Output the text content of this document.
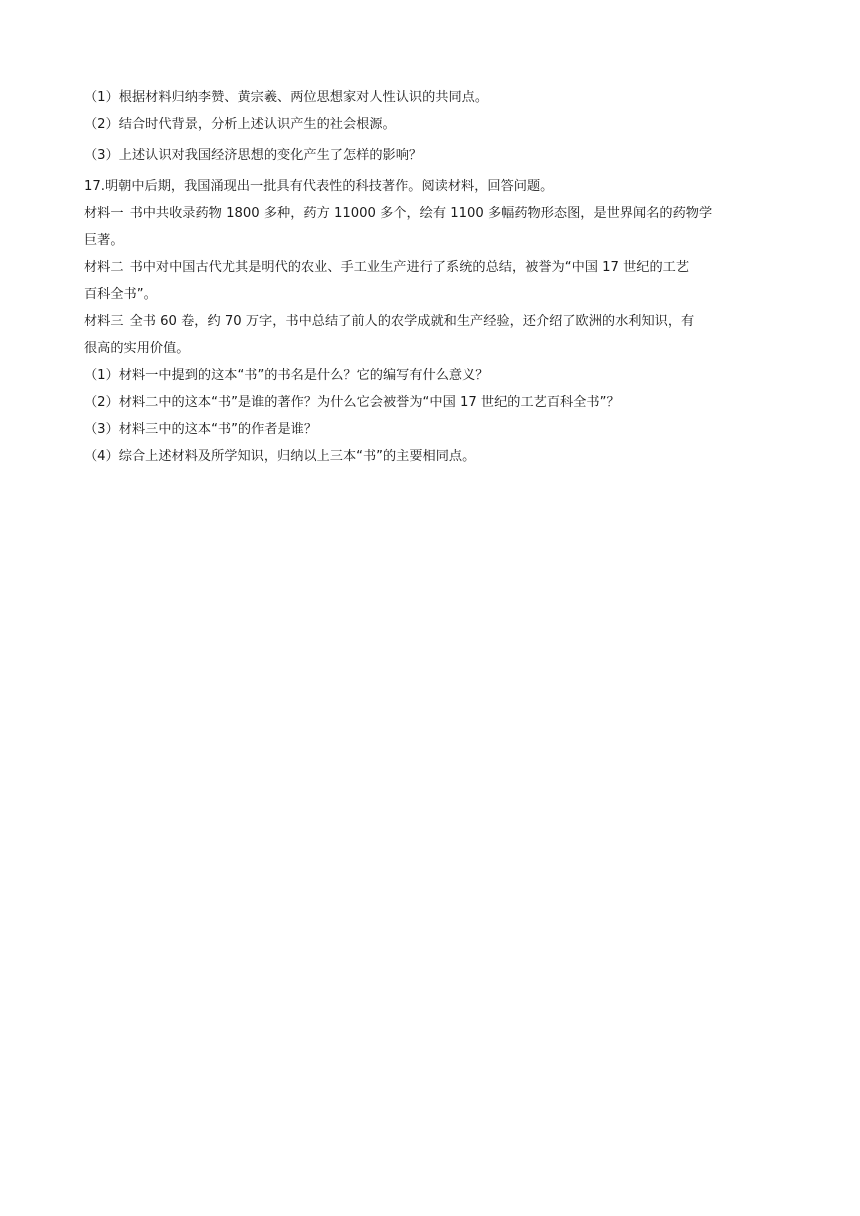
（1）根据材料归纳李赞、黄宗羲、两位思想家对人性认识的共同点。

（2）结合时代背景，分析上述认识产生的社会根源。

（3）上述认识对我国经济思想的变化产生了怎样的影响？

17.明朝中后期，我国涌现出一批具有代表性的科技著作。阅读材料，回答问题。

材料一 书中共收录药物 1800 多种，药方 11000 多个，绘有 1100 多幅药物形态图，是世界闻名的药物学

巨著。

材料二 书中对中国古代尤其是明代的农业、手工业生产进行了系统的总结，被誉为“中国 17 世纪的工艺

百科全书”。

材料三 全书 60 卷，约 70 万字，书中总结了前人的农学成就和生产经验，还介绍了欧洲的水利知识，有

很高的实用价值。

（1）材料一中提到的这本“书”的书名是什么？它的编写有什么意义？

（2）材料二中的这本“书”是谁的著作？为什么它会被誉为“中国 17 世纪的工艺百科全书”？

（3）材料三中的这本“书”的作者是谁？

（4）综合上述材料及所学知识，归纳以上三本“书”的主要相同点。
